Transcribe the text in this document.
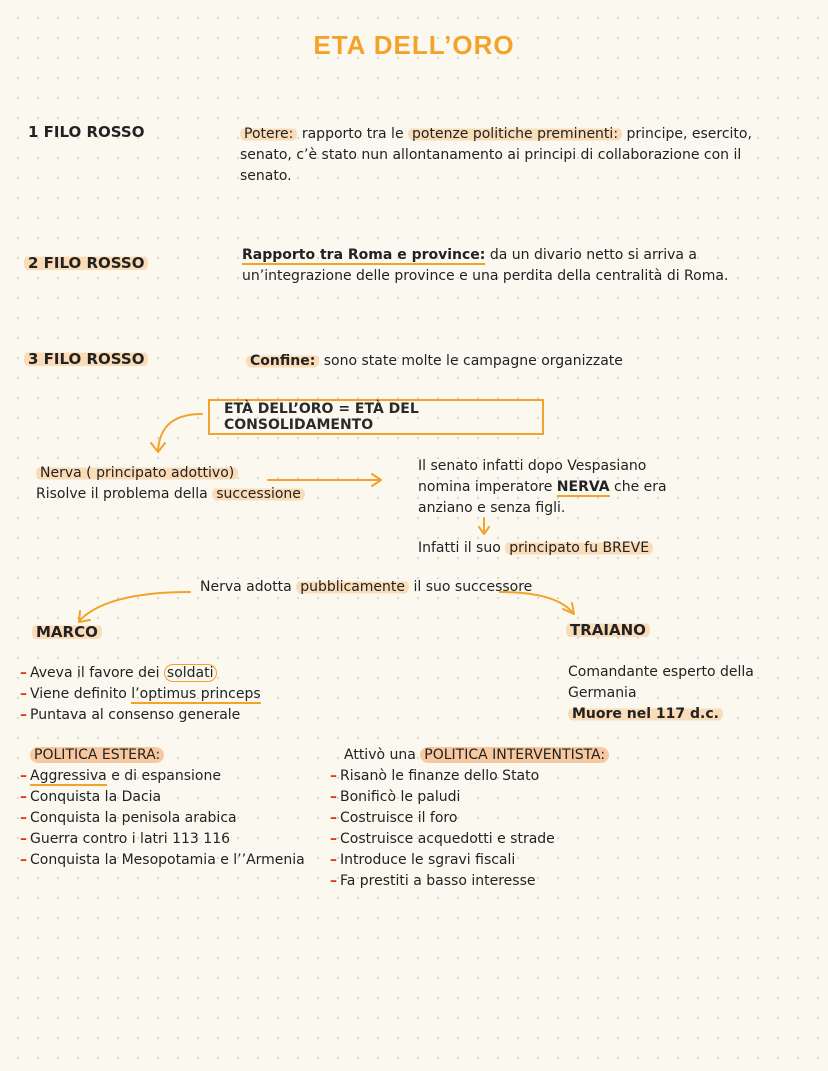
ETA DELL’ORO
1 FILO ROSSO	Potere: rapporto tra le potenze politiche preminenti: principe, esercito,
senato, c’è stato nun allontanamento ai principi di collaborazione con il
senato.
2 FILO ROSSO	Rapporto tra Roma e province: da un divario netto si arriva a
un’integrazione delle province e una perdita della centralità di Roma.
3 FILO ROSSO	Confine: sono state molte le campagne organizzate
ETÀ DELL’ORO = ETÀ DEL CONSOLIDAMENTO
Nerva ( principato adottivo)
Risolve il problema della successione
Il senato infatti dopo Vespasiano
nomina imperatore NERVA che era
anziano e senza figli.
Infatti il suo principato fu BREVE
Nerva adotta pubblicamente il suo successore
MARCO
– Aveva il favore dei soldati
– Viene definito l’optimus princeps
– Puntava al consenso generale
TRAIANO
Comandante esperto della
Germania
Muore nel 117 d.c.
POLITICA ESTERA:
– Aggressiva e di espansione
– Conquista la Dacia
– Conquista la penisola arabica
– Guerra contro i latri 113 116
– Conquista la Mesopotamia e l’’Armenia
Attivò una POLITICA INTERVENTISTA:
– Risanò le finanze dello Stato
– Bonificò le paludi
– Costruisce il foro
– Costruisce acquedotti e strade
– Introduce le sgravi fiscali
– Fa prestiti a basso interesse
